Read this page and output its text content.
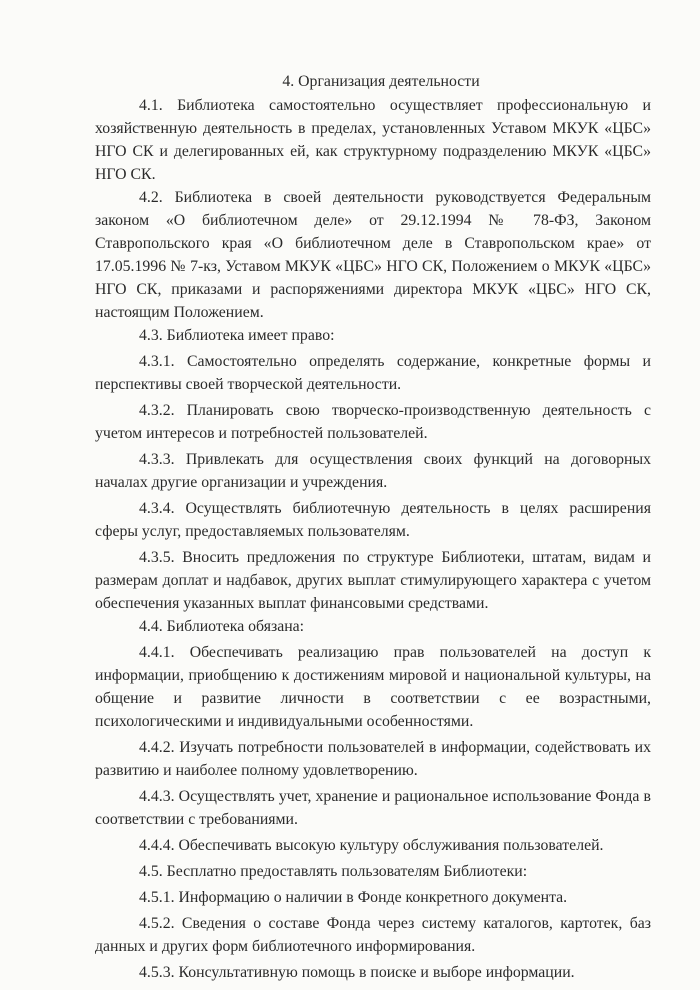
4. Организация деятельности

4.1. Библиотека самостоятельно осуществляет профессиональную и хозяйственную деятельность в пределах, установленных Уставом МКУК «ЦБС» НГО СК и делегированных ей, как структурному подразделению МКУК «ЦБС» НГО СК.

4.2. Библиотека в своей деятельности руководствуется Федеральным законом «О библиотечном деле» от 29.12.1994 № 78-ФЗ, Законом Ставропольского края «О библиотечном деле в Ставропольском крае» от 17.05.1996 № 7-кз, Уставом МКУК «ЦБС» НГО СК, Положением о МКУК «ЦБС» НГО СК, приказами и распоряжениями директора МКУК «ЦБС» НГО СК, настоящим Положением.

4.3. Библиотека имеет право:

4.3.1. Самостоятельно определять содержание, конкретные формы и перспективы своей творческой деятельности.

4.3.2. Планировать свою творческо-производственную деятельность с учетом интересов и потребностей пользователей.

4.3.3. Привлекать для осуществления своих функций на договорных началах другие организации и учреждения.

4.3.4. Осуществлять библиотечную деятельность в целях расширения сферы услуг, предоставляемых пользователям.

4.3.5. Вносить предложения по структуре Библиотеки, штатам, видам и размерам доплат и надбавок, других выплат стимулирующего характера с учетом обеспечения указанных выплат финансовыми средствами.

4.4. Библиотека обязана:

4.4.1. Обеспечивать реализацию прав пользователей на доступ к информации, приобщению к достижениям мировой и национальной культуры, на общение и развитие личности в соответствии с ее возрастными, психологическими и индивидуальными особенностями.

4.4.2. Изучать потребности пользователей в информации, содействовать их развитию и наиболее полному удовлетворению.

4.4.3. Осуществлять учет, хранение и рациональное использование Фонда в соответствии с требованиями.

4.4.4. Обеспечивать высокую культуру обслуживания пользователей.

4.5. Бесплатно предоставлять пользователям Библиотеки:

4.5.1. Информацию о наличии в Фонде конкретного документа.

4.5.2. Сведения о составе Фонда через систему каталогов, картотек, баз данных и других форм библиотечного информирования.

4.5.3. Консультативную помощь в поиске и выборе информации.
